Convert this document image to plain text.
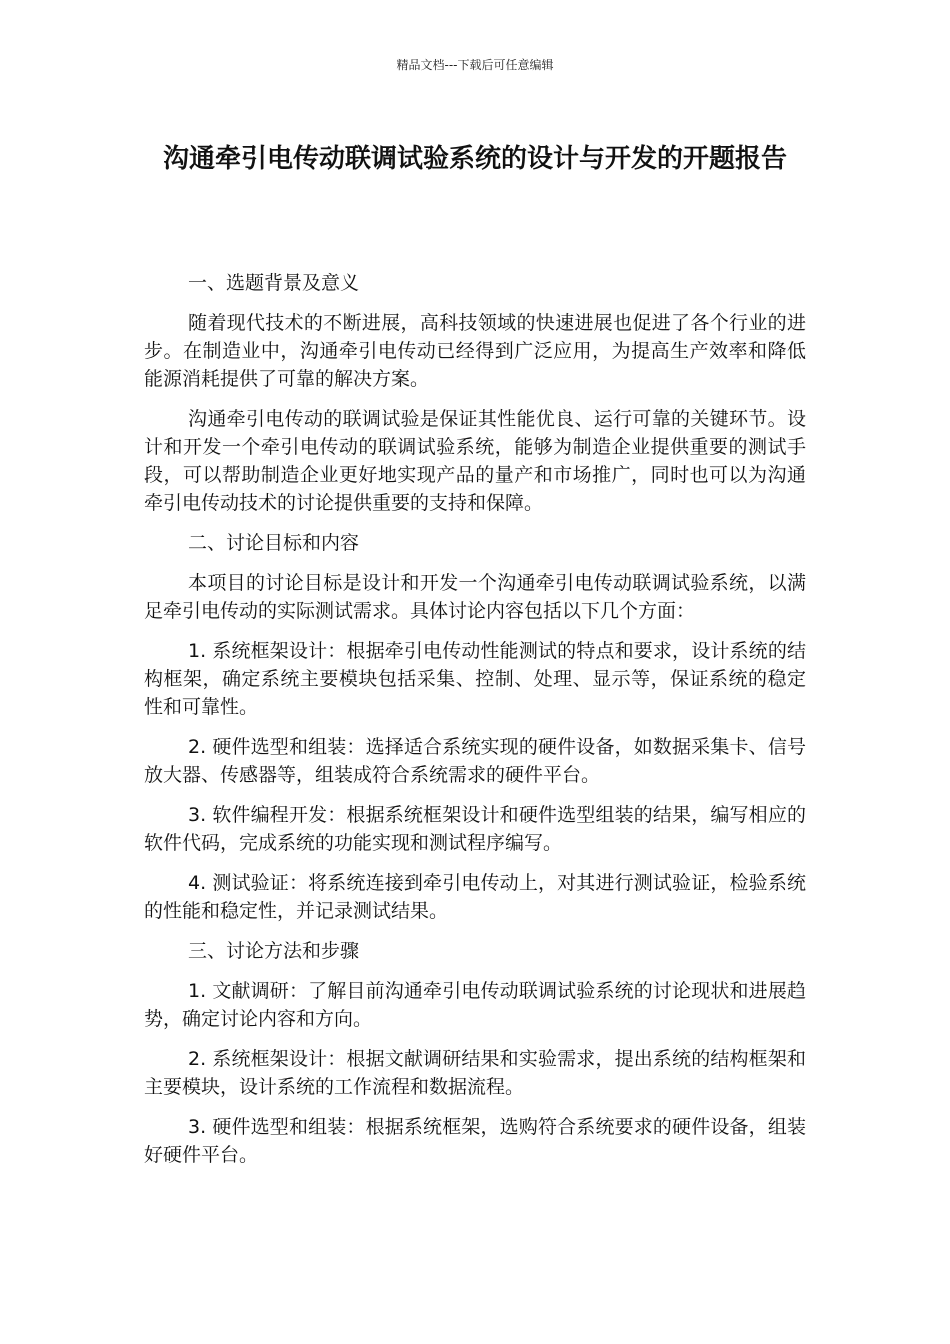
精品文档---下载后可任意编辑
沟通牵引电传动联调试验系统的设计与开发的开题报告

一、选题背景及意义

随着现代技术的不断进展，高科技领域的快速进展也促进了各个行业的进步。在制造业中，沟通牵引电传动已经得到广泛应用，为提高生产效率和降低能源消耗提供了可靠的解决方案。

沟通牵引电传动的联调试验是保证其性能优良、运行可靠的关键环节。设计和开发一个牵引电传动的联调试验系统，能够为制造企业提供重要的测试手段，可以帮助制造企业更好地实现产品的量产和市场推广，同时也可以为沟通牵引电传动技术的讨论提供重要的支持和保障。

二、讨论目标和内容

本项目的讨论目标是设计和开发一个沟通牵引电传动联调试验系统，以满足牵引电传动的实际测试需求。具体讨论内容包括以下几个方面：

1. 系统框架设计：根据牵引电传动性能测试的特点和要求，设计系统的结构框架，确定系统主要模块包括采集、控制、处理、显示等，保证系统的稳定性和可靠性。

2. 硬件选型和组装：选择适合系统实现的硬件设备，如数据采集卡、信号放大器、传感器等，组装成符合系统需求的硬件平台。

3. 软件编程开发：根据系统框架设计和硬件选型组装的结果，编写相应的软件代码，完成系统的功能实现和测试程序编写。

4. 测试验证：将系统连接到牵引电传动上，对其进行测试验证，检验系统的性能和稳定性，并记录测试结果。

三、讨论方法和步骤

1. 文献调研：了解目前沟通牵引电传动联调试验系统的讨论现状和进展趋势，确定讨论内容和方向。

2. 系统框架设计：根据文献调研结果和实验需求，提出系统的结构框架和主要模块，设计系统的工作流程和数据流程。

3. 硬件选型和组装：根据系统框架，选购符合系统要求的硬件设备，组装好硬件平台。
